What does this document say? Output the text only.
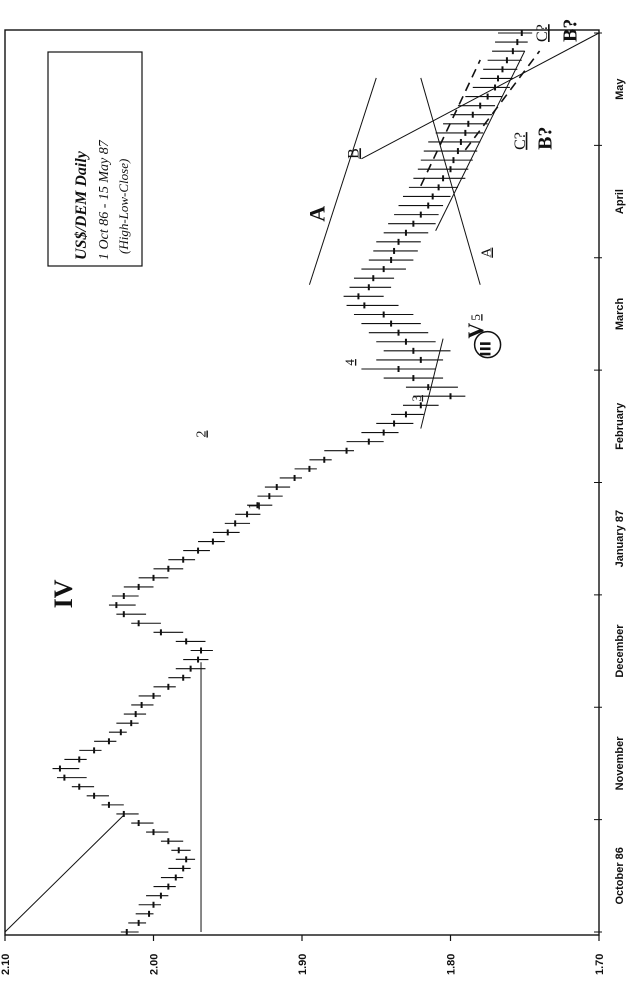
2.10	2.00	1.90	1.80	1.70
October 86
November
December
January 87
February
March
April
May
IV
1
2
3
4
5
V
III
A
B
A
C? B?
C? B?
US$/DEM Daily 1 Oct 86 - 15 May 87 (High-Low-Close)
